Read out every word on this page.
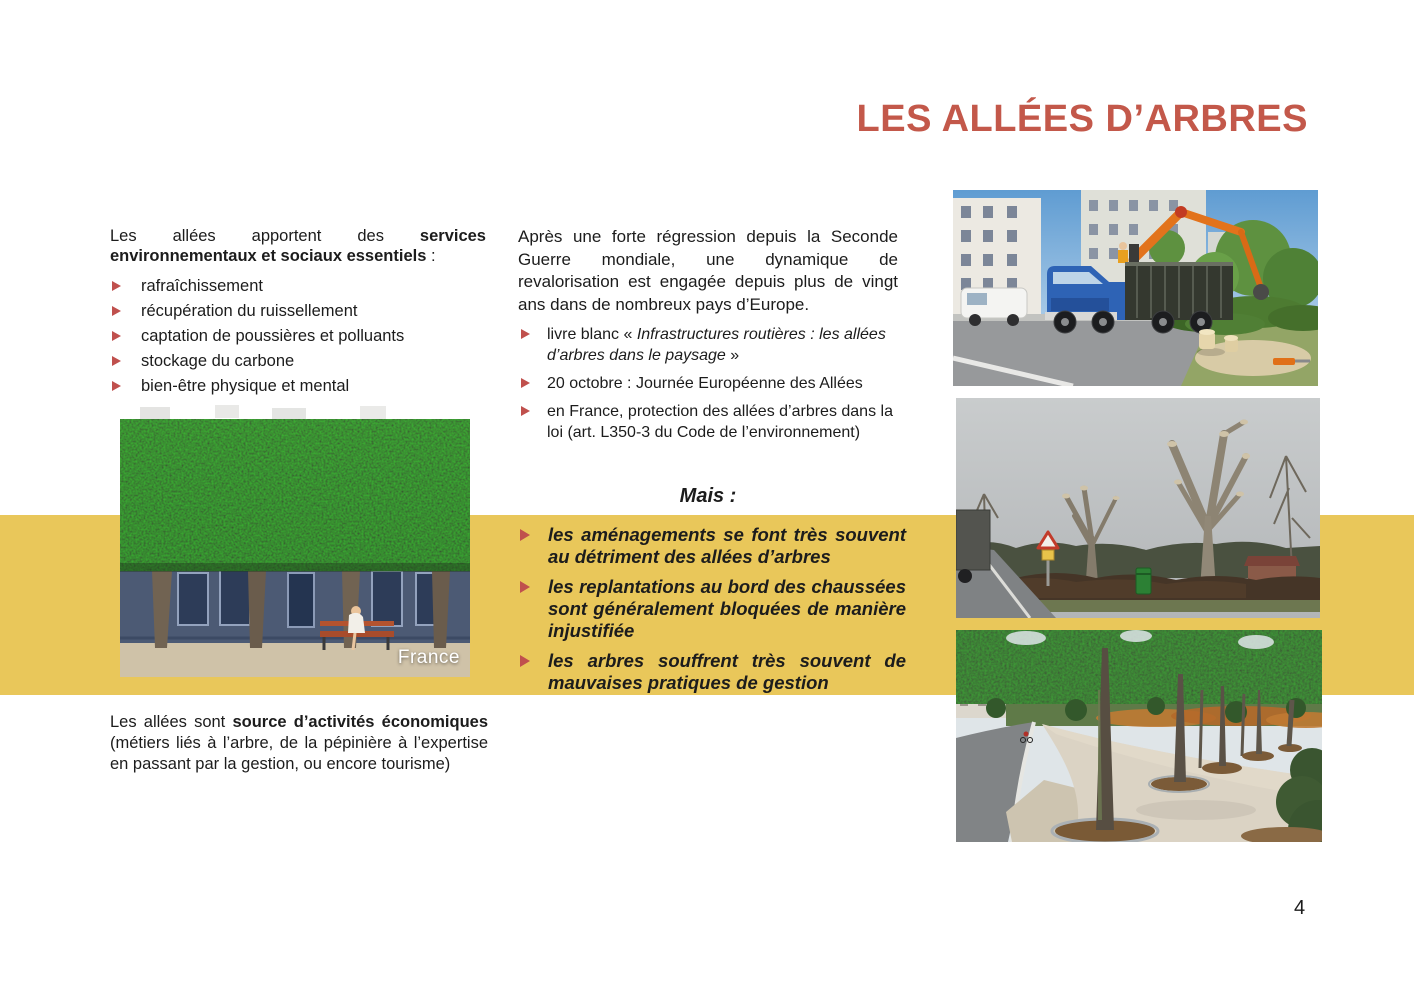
LES ALLÉES D’ARBRES

Les allées apportent des services environnementaux et sociaux essentiels :

rafraîchissement
récupération du ruissellement
captation de poussières et polluants
stockage du carbone
bien-être physique et mental
France

Après une forte régression depuis la Seconde Guerre mondiale, une dynamique de revalorisation est engagée depuis plus de vingt ans dans de nombreux pays d’Europe.

livre blanc « Infrastructures routières : les allées d’arbres dans le paysage »
20 octobre : Journée Européenne des Allées
en France, protection des allées d’arbres dans la loi (art. L350-3 du Code de l’environnement)

Mais :

les aménagements se font très souvent au détriment des allées d’arbres
les replantations au bord des chaussées sont généralement bloquées de manière injustifiée
les arbres souffrent très souvent de mauvaises pratiques de gestion

Les allées sont source d’activités économiques (métiers liés à l’arbre, de la pépinière à l’expertise en passant par la gestion, ou encore tourisme)

4
